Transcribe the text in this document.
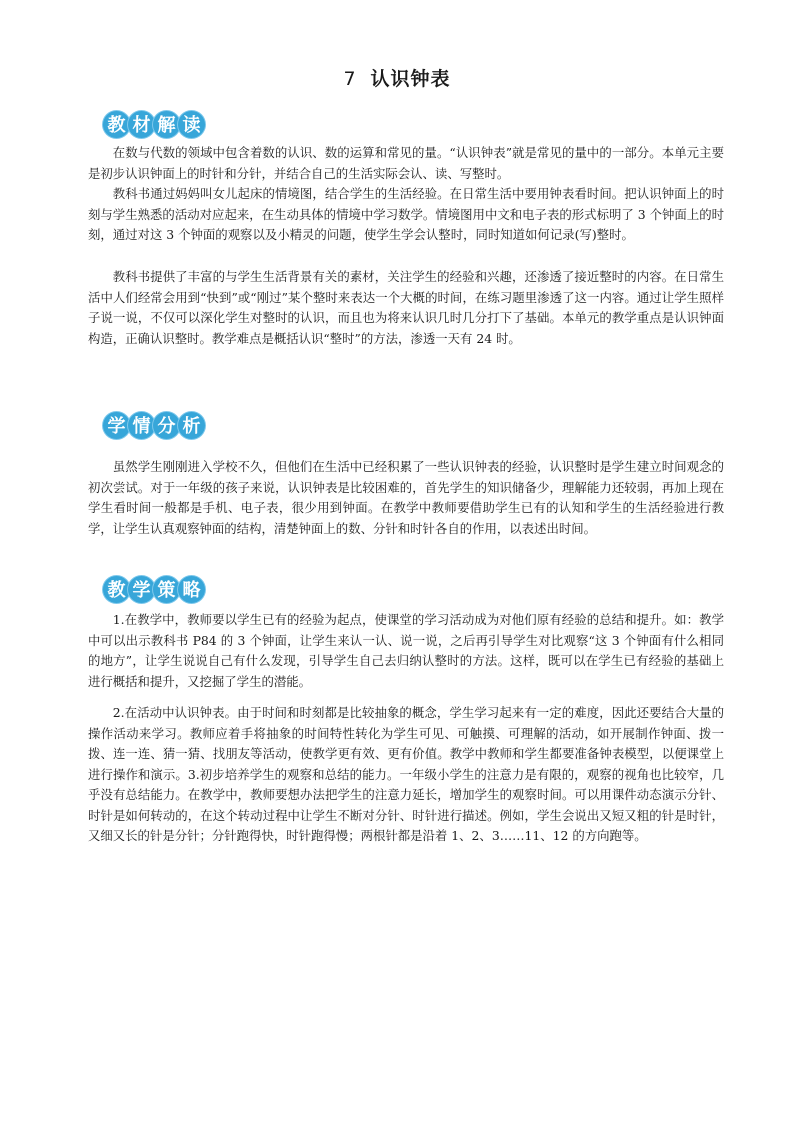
7 认识钟表
教 材 解 读

在数与代数的领域中包含着数的认识、数的运算和常见的量。“认识钟表”就是常见的量中的一部分。本单元主要是初步认识钟面上的时针和分针，并结合自己的生活实际会认、读、写整时。

教科书通过妈妈叫女儿起床的情境图，结合学生的生活经验。在日常生活中要用钟表看时间。把认识钟面上的时刻与学生熟悉的活动对应起来，在生动具体的情境中学习数学。情境图用中文和电子表的形式标明了 3 个钟面上的时刻，通过对这 3 个钟面的观察以及小精灵的问题，使学生学会认整时，同时知道如何记录(写)整时。

教科书提供了丰富的与学生生活背景有关的素材，关注学生的经验和兴趣，还渗透了接近整时的内容。在日常生活中人们经常会用到“快到”或“刚过”某个整时来表达一个大概的时间，在练习题里渗透了这一内容。通过让学生照样子说一说，不仅可以深化学生对整时的认识，而且也为将来认识几时几分打下了基础。本单元的教学重点是认识钟面构造，正确认识整时。教学难点是概括认识“整时”的方法，渗透一天有 24 时。

学 情 分 析

虽然学生刚刚进入学校不久，但他们在生活中已经积累了一些认识钟表的经验，认识整时是学生建立时间观念的初次尝试。对于一年级的孩子来说，认识钟表是比较困难的，首先学生的知识储备少，理解能力还较弱，再加上现在学生看时间一般都是手机、电子表，很少用到钟面。在教学中教师要借助学生已有的认知和学生的生活经验进行教学，让学生认真观察钟面的结构，清楚钟面上的数、分针和时针各自的作用，以表述出时间。

教 学 策 略

1.在教学中，教师要以学生已有的经验为起点，使课堂的学习活动成为对他们原有经验的总结和提升。如：教学中可以出示教科书 P84 的 3 个钟面，让学生来认一认、说一说，之后再引导学生对比观察“这 3 个钟面有什么相同的地方”，让学生说说自己有什么发现，引导学生自己去归纳认整时的方法。这样，既可以在学生已有经验的基础上进行概括和提升，又挖掘了学生的潜能。

2.在活动中认识钟表。由于时间和时刻都是比较抽象的概念，学生学习起来有一定的难度，因此还要结合大量的操作活动来学习。教师应着手将抽象的时间特性转化为学生可见、可触摸、可理解的活动，如开展制作钟面、拨一拨、连一连、猜一猜、找朋友等活动，使教学更有效、更有价值。教学中教师和学生都要准备钟表模型，以便课堂上进行操作和演示。3.初步培养学生的观察和总结的能力。一年级小学生的注意力是有限的，观察的视角也比较窄，几乎没有总结能力。在教学中，教师要想办法把学生的注意力延长，增加学生的观察时间。可以用课件动态演示分针、时针是如何转动的，在这个转动过程中让学生不断对分针、时针进行描述。例如，学生会说出又短又粗的针是时针，又细又长的针是分针；分针跑得快，时针跑得慢；两根针都是沿着 1、2、3……11、12 的方向跑等。
